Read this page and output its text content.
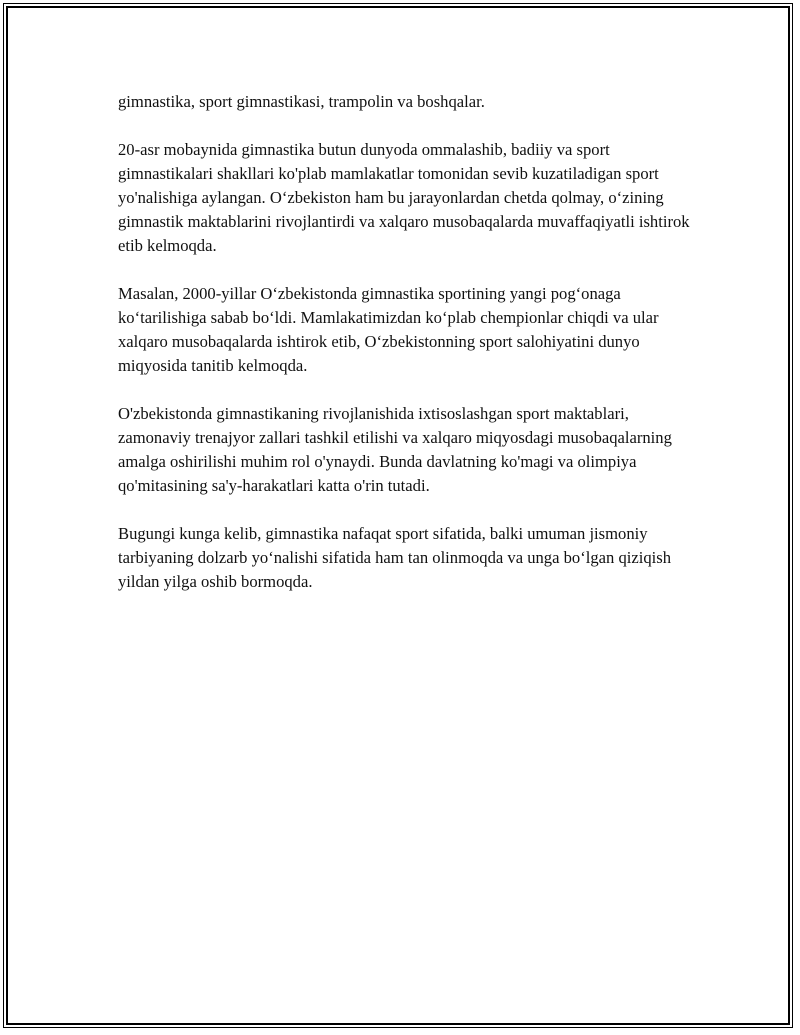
gimnastika, sport gimnastikasi, trampolin va boshqalar.

20-asr mobaynida gimnastika butun dunyoda ommalashib, badiiy va sport gimnastikalari shakllari ko'plab mamlakatlar tomonidan sevib kuzatiladigan sport yo'nalishiga aylangan. O‘zbekiston ham bu jarayonlardan chetda qolmay, o‘zining gimnastik maktablarini rivojlantirdi va xalqaro musobaqalarda muvaffaqiyatli ishtirok etib kelmoqda.

Masalan, 2000-yillar O‘zbekistonda gimnastika sportining yangi pog‘onaga ko‘tarilishiga sabab bo‘ldi. Mamlakatimizdan ko‘plab chempionlar chiqdi va ular xalqaro musobaqalarda ishtirok etib, O‘zbekistonning sport salohiyatini dunyo miqyosida tanitib kelmoqda.

O'zbekistonda gimnastikaning rivojlanishida ixtisoslashgan sport maktablari, zamonaviy trenajyor zallari tashkil etilishi va xalqaro miqyosdagi musobaqalarning amalga oshirilishi muhim rol o'ynaydi. Bunda davlatning ko'magi va olimpiya qo'mitasining sa'y-harakatlari katta o'rin tutadi.

Bugungi kunga kelib, gimnastika nafaqat sport sifatida, balki umuman jismoniy tarbiyaning dolzarb yo‘nalishi sifatida ham tan olinmoqda va unga bo‘lgan qiziqish yildan yilga oshib bormoqda.
